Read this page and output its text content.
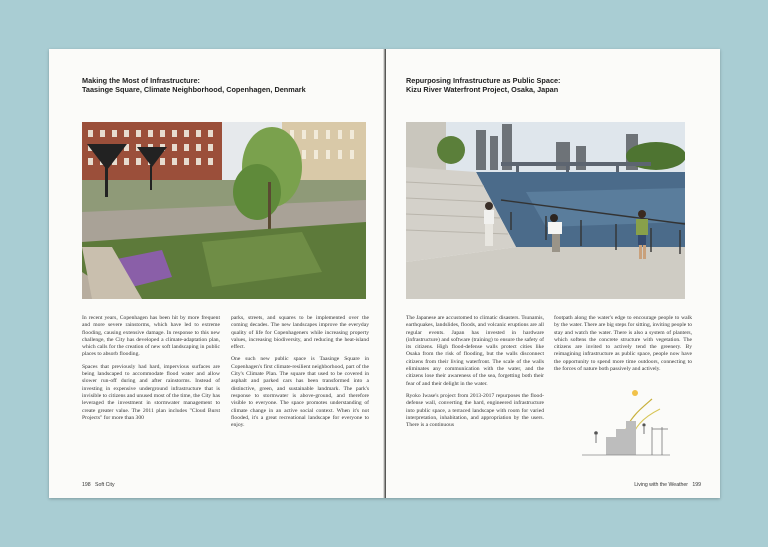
Making the Most of Infrastructure:
Taasinge Square, Climate Neighborhood, Copenhagen, Denmark

In recent years, Copenhagen has been hit by more frequent and more severe rainstorms, which have led to extreme flooding, causing extensive damage. In response to this new challenge, the City has developed a climate-adaptation plan, which calls for the creation of new soft landscaping in public places to absorb flooding.

Spaces that previously had hard, impervious surfaces are being landscaped to accommodate flood water and allow slower run-off during and after rainstorms. Instead of investing in expensive underground infrastructure that is invisible to citizens and unused most of the time, the City has leveraged the investment in stormwater management to create greater value. The 2011 plan includes "Cloud Burst Projects" for more than 300

parks, streets, and squares to be implemented over the coming decades. The new landscapes improve the everyday quality of life for Copenhageners while increasing property values, increasing biodiversity, and reducing the heat-island effect.

One such new public space is Taasinge Square in Copenhagen's first climate-resilient neighborhood, part of the City's Climate Plan. The square that used to be covered in asphalt and parked cars has been transformed into a distinctive, green, and sustainable landmark. The park's response to stormwater is above-ground, and therefore visible to everyone. The space promotes understanding of climate change in an active social context. When it's not flooded, it's a great recreational landscape for everyone to enjoy.

198 Soft City
Repurposing Infrastructure as Public Space:
Kizu River Waterfront Project, Osaka, Japan

The Japanese are accustomed to climatic disasters. Tsunamis, earthquakes, landslides, floods, and volcanic eruptions are all regular events. Japan has invested in hardware (infrastructure) and software (training) to ensure the safety of its citizens. High flood-defense walls protect cities like Osaka from the risk of flooding, but the walls disconnect citizens from their living waterfront. The scale of the walls eliminates any communication with the water, and the citizens lose their awareness of the sea, forgetting both their fear of and their delight in the water.

Ryoko Iwase's project from 2013-2017 repurposes the flood-defense wall, converting the hard, engineered infrastructure into public space, a terraced landscape with room for varied interpretation, inhabitation, and appropriation by the users. There is a continuous

footpath along the water's edge to encourage people to walk by the water. There are big steps for sitting, inviting people to stay and watch the water. There is also a system of planters, which softens the concrete structure with vegetation. The citizens are invited to actively tend the greenery. By reimagining infrastructure as public space, people now have the opportunity to spend more time outdoors, connecting to the forces of nature both passively and actively.

Living with the Weather 199
